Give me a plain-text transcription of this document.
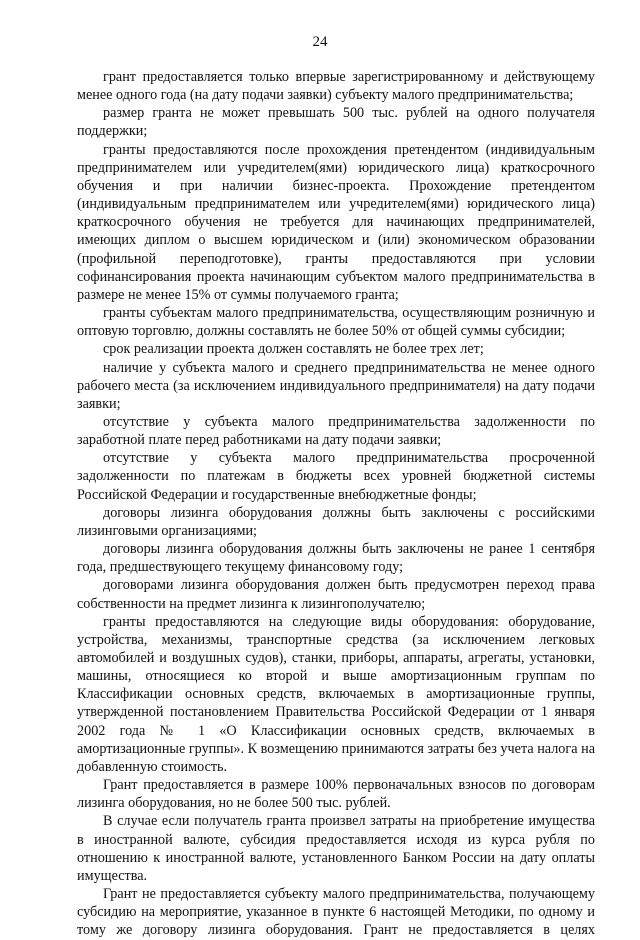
24

грант предоставляется только впервые зарегистрированному и действующему менее одного года (на дату подачи заявки) субъекту малого предпринимательства;

размер гранта не может превышать 500 тыс. рублей на одного получателя поддержки;

гранты предоставляются после прохождения претендентом (индивидуальным предпринимателем или учредителем(ями) юридического лица) краткосрочного обучения и при наличии бизнес-проекта. Прохождение претендентом (индивидуальным предпринимателем или учредителем(ями) юридического лица) краткосрочного обучения не требуется для начинающих предпринимателей, имеющих диплом о высшем юридическом и (или) экономическом образовании (профильной переподготовке), гранты предоставляются при условии софинансирования проекта начинающим субъектом малого предпринимательства в размере не менее 15% от суммы получаемого гранта;

гранты субъектам малого предпринимательства, осуществляющим розничную и оптовую торговлю, должны составлять не более 50% от общей суммы субсидии;

срок реализации проекта должен составлять не более трех лет;

наличие у субъекта малого и среднего предпринимательства не менее одного рабочего места (за исключением индивидуального предпринимателя) на дату подачи заявки;

отсутствие у субъекта малого предпринимательства задолженности по заработной плате перед работниками на дату подачи заявки;

отсутствие у субъекта малого предпринимательства просроченной задолженности по платежам в бюджеты всех уровней бюджетной системы Российской Федерации и государственные внебюджетные фонды;

договоры лизинга оборудования должны быть заключены с российскими лизинговыми организациями;

договоры лизинга оборудования должны быть заключены не ранее 1 сентября года, предшествующего текущему финансовому году;

договорами лизинга оборудования должен быть предусмотрен переход права собственности на предмет лизинга к лизингополучателю;

гранты предоставляются на следующие виды оборудования: оборудование, устройства, механизмы, транспортные средства (за исключением легковых автомобилей и воздушных судов), станки, приборы, аппараты, агрегаты, установки, машины, относящиеся ко второй и выше амортизационным группам по Классификации основных средств, включаемых в амортизационные группы, утвержденной постановлением Правительства Российской Федерации от 1 января 2002 года № 1 «О Классификации основных средств, включаемых в амортизационные группы». К возмещению принимаются затраты без учета налога на добавленную стоимость.

Грант предоставляется в размере 100% первоначальных взносов по договорам лизинга оборудования, но не более 500 тыс. рублей.

В случае если получатель гранта произвел затраты на приобретение имущества в иностранной валюте, субсидия предоставляется исходя из курса рубля по отношению к иностранной валюте, установленного Банком России на дату оплаты имущества.

Грант не предоставляется субъекту малого предпринимательства, получающему субсидию на мероприятие, указанное в пункте 6 настоящей Методики, по одному и тому же договору лизинга оборудования. Грант не предоставляется в целях
